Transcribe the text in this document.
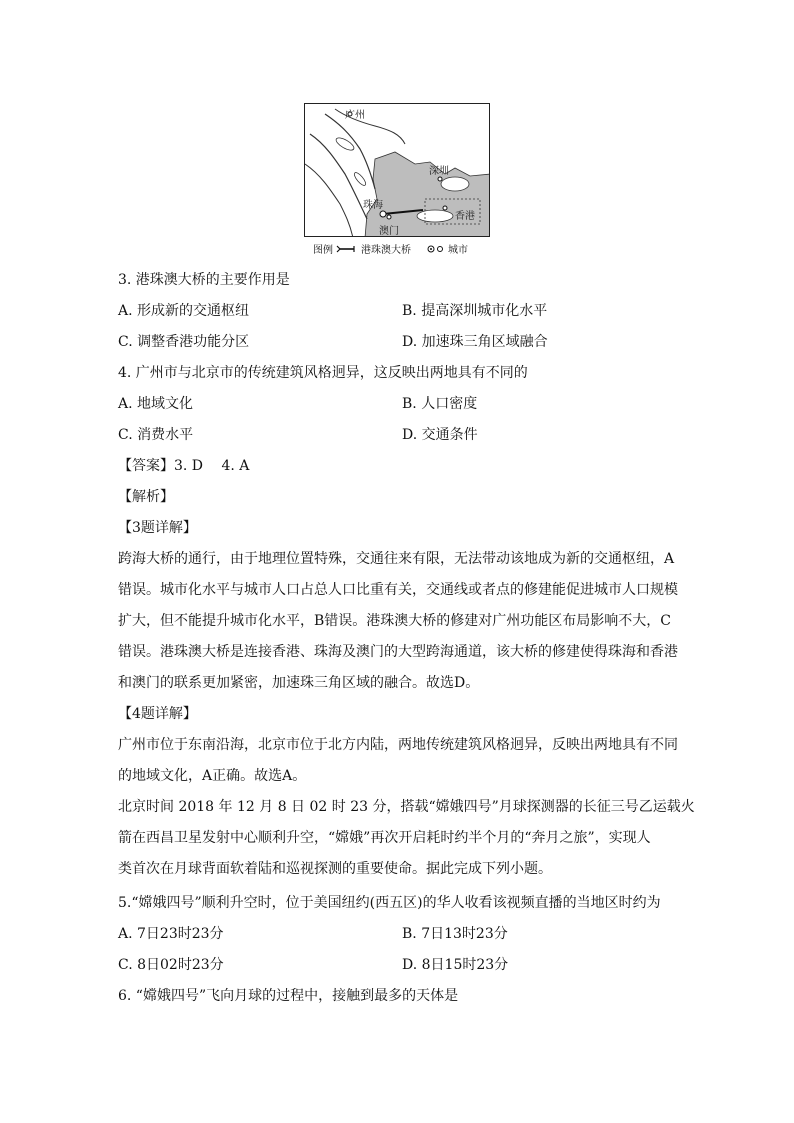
广州
深圳
珠海
香港
澳门
图例	港珠澳大桥	城市
3. 港珠澳大桥的主要作用是
A. 形成新的交通枢纽	B. 提高深圳城市化水平
C. 调整香港功能分区	D. 加速珠三角区域融合
4. 广州市与北京市的传统建筑风格迥异，这反映出两地具有不同的
A. 地域文化	B. 人口密度
C. 消费水平	D. 交通条件
【答案】3. D　 4. A
【解析】
【3题详解】
跨海大桥的通行，由于地理位置特殊，交通往来有限，无法带动该地成为新的交通枢纽，A
错误。城市化水平与城市人口占总人口比重有关，交通线或者点的修建能促进城市人口规模
扩大，但不能提升城市化水平，B错误。港珠澳大桥的修建对广州功能区布局影响不大，C
错误。港珠澳大桥是连接香港、珠海及澳门的大型跨海通道，该大桥的修建使得珠海和香港
和澳门的联系更加紧密，加速珠三角区域的融合。故选D。
【4题详解】
广州市位于东南沿海，北京市位于北方内陆，两地传统建筑风格迥异，反映出两地具有不同
的地域文化，A正确。故选A。
北京时间 2018 年 12 月 8 日 02 时 23 分，搭载“嫦娥四号”月球探测器的长征三号乙运载火
箭在西昌卫星发射中心顺利升空，“嫦娥”再次开启耗时约半个月的“奔月之旅”，实现人
类首次在月球背面软着陆和巡视探测的重要使命。据此完成下列小题。
5.“嫦娥四号”顺利升空时，位于美国纽约(西五区)的华人收看该视频直播的当地区时约为
A. 7日23时23分	B. 7日13时23分
C. 8日02时23分	D. 8日15时23分
6. “嫦娥四号”飞向月球的过程中，接触到最多的天体是
